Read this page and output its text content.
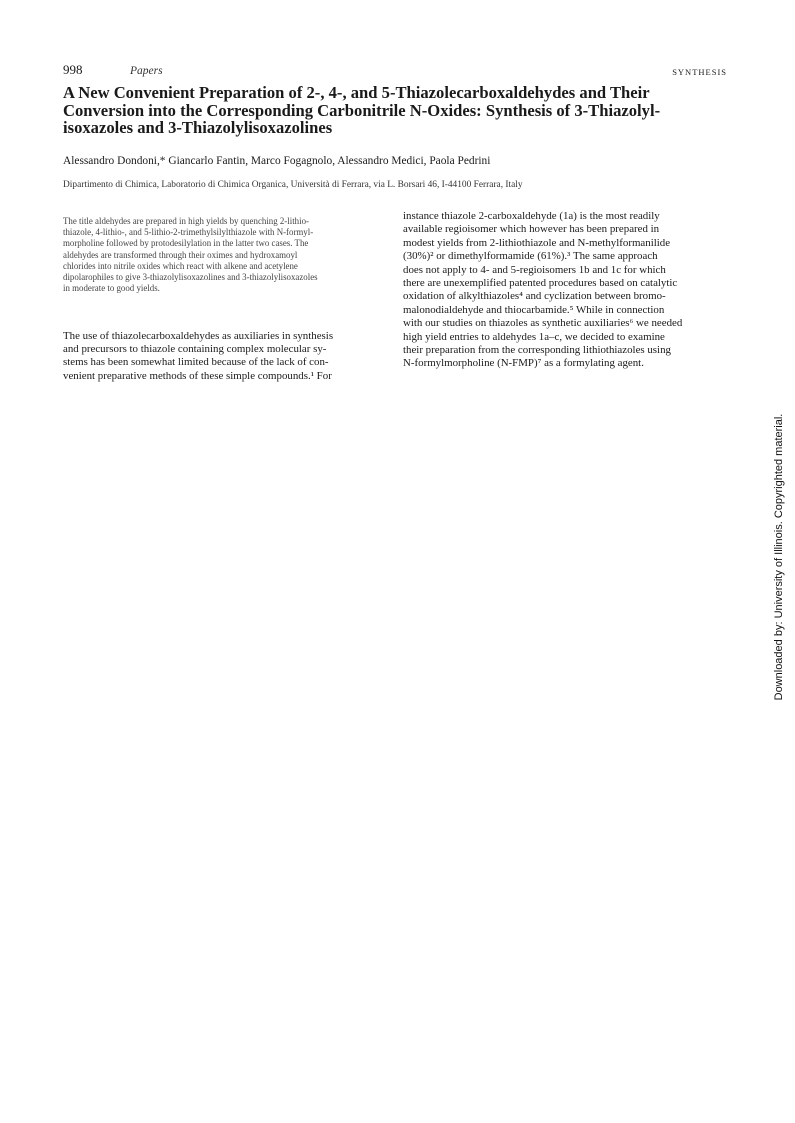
998	Papers	SYNTHESIS
A New Convenient Preparation of 2-, 4-, and 5-Thiazolecarboxaldehydes and Their
Conversion into the Corresponding Carbonitrile N-Oxides: Synthesis of 3-Thiazolyl-
isoxazoles and 3-Thiazolylisoxazolines
Alessandro Dondoni,* Giancarlo Fantin, Marco Fogagnolo, Alessandro Medici, Paola Pedrini
Dipartimento di Chimica, Laboratorio di Chimica Organica, Università di Ferrara, via L. Borsari 46, I-44100 Ferrara, Italy
The title aldehydes are prepared in high yields by quenching 2-lithio-
thiazole, 4-lithio-, and 5-lithio-2-trimethylsilylthiazole with N-formyl-
morpholine followed by protodesilylation in the latter two cases. The
aldehydes are transformed through their oximes and hydroxamoyl
chlorides into nitrile oxides which react with alkene and acetylene
dipolarophiles to give 3-thiazolylisoxazolines and 3-thiazolylisoxazoles
in moderate to good yields.
The use of thiazolecarboxaldehydes as auxiliaries in synthesis
and precursors to thiazole containing complex molecular sy-
stems has been somewhat limited because of the lack of con-
venient preparative methods of these simple compounds.¹ For
instance thiazole 2-carboxaldehyde (1a) is the most readily
available regioisomer which however has been prepared in
modest yields from 2-lithiothiazole and N-methylformanilide
(30%)² or dimethylformamide (61%).³ The same approach
does not apply to 4- and 5-regioisomers 1b and 1c for which
there are unexemplified patented procedures based on catalytic
oxidation of alkylthiazoles⁴ and cyclization between bromo-
malonodialdehyde and thiocarbamide.⁵ While in connection
with our studies on thiazoles as synthetic auxiliaries⁶ we needed
high yield entries to aldehydes 1a–c, we decided to examine
their preparation from the corresponding lithiothiazoles using
N-formylmorpholine (N-FMP)⁷ as a formylating agent.
Downloaded by: University of Illinois. Copyrighted material.
